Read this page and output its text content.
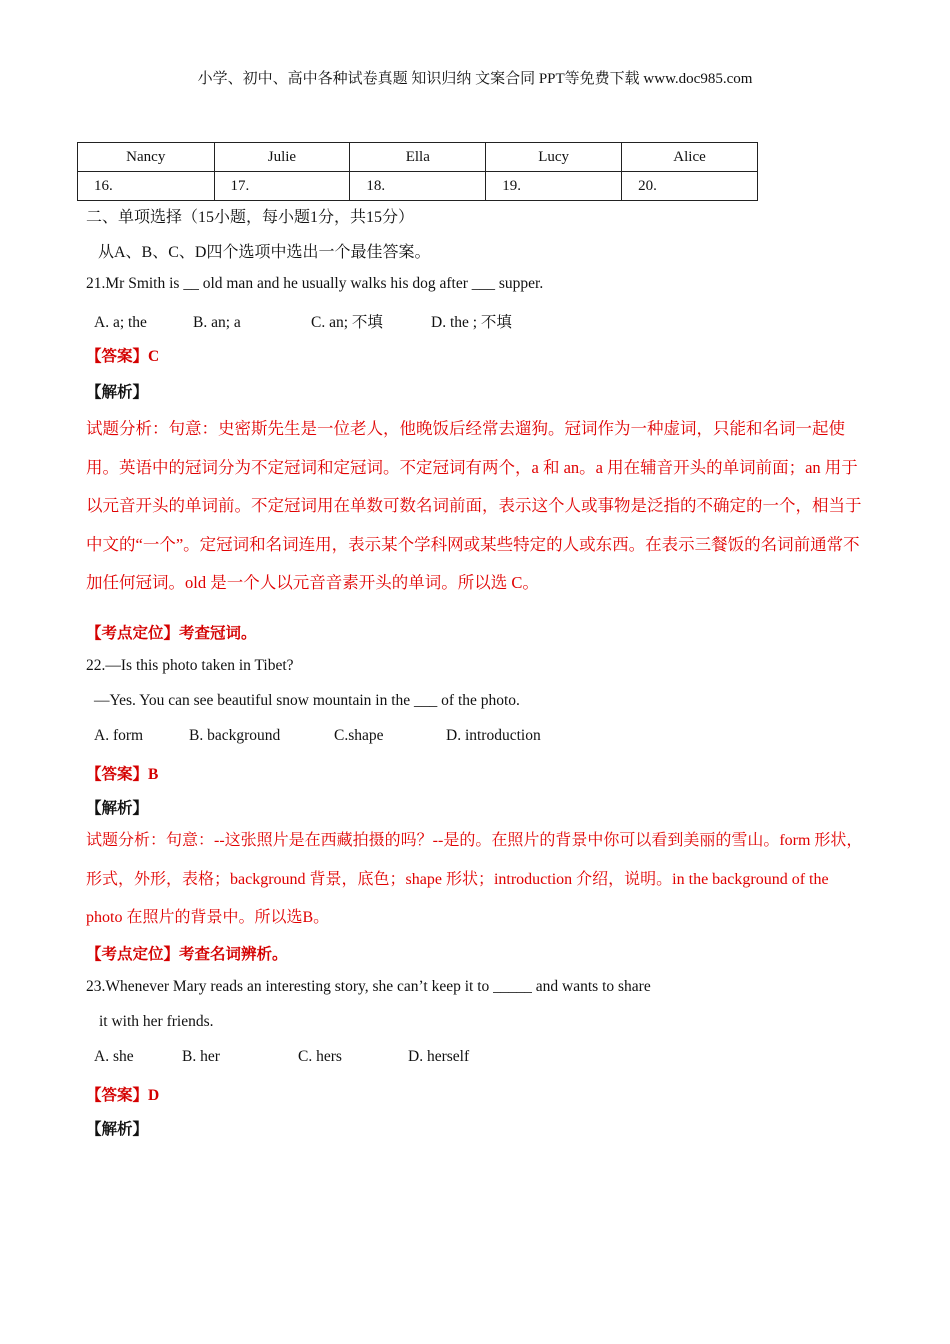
小学、初中、高中各种试卷真题 知识归纳 文案合同 PPT等免费下载 www.doc985.com
Nancy	Julie	Ella	Lucy	Alice
16.	17.	18.	19.	20.
二、单项选择（15小题，每小题1分，共15分）
从A、B、C、D四个选项中选出一个最佳答案。
21.Mr Smith is __ old man and he usually walks his dog after ___ supper.
A. a; the	B. an; a	C. an; 不填	D. the ; 不填
【答案】C
【解析】
试题分析：句意：史密斯先生是一位老人，他晚饭后经常去遛狗。冠词作为一种虚词，只能和名词一起使用。英语中的冠词分为不定冠词和定冠词。不定冠词有两个，a 和 an。a 用在辅音开头的单词前面；an 用于以元音开头的单词前。不定冠词用在单数可数名词前面，表示这个人或事物是泛指的不确定的一个，相当于中文的“一个”。定冠词和名词连用，表示某个学科网或某些特定的人或东西。在表示三餐饭的名词前通常不加任何冠词。old 是一个人以元音音素开头的单词。所以选 C。
【考点定位】考查冠词。
22.—Is this photo taken in Tibet?
—Yes. You can see beautiful snow mountain in the ___ of the photo.
A. form	B. background	C.shape	D. introduction
【答案】B
【解析】
试题分析：句意：--这张照片是在西藏拍摄的吗？--是的。在照片的背景中你可以看到美丽的雪山。form 形状，形式，外形，表格；background 背景，底色；shape 形状；introduction 介绍，说明。in the background of the photo 在照片的背景中。所以选B。
【考点定位】考查名词辨析。
23.Whenever Mary reads an interesting story, she can’t keep it to _____ and wants to share
it with her friends.
A. she	B. her	C. hers	D. herself
【答案】D
【解析】
